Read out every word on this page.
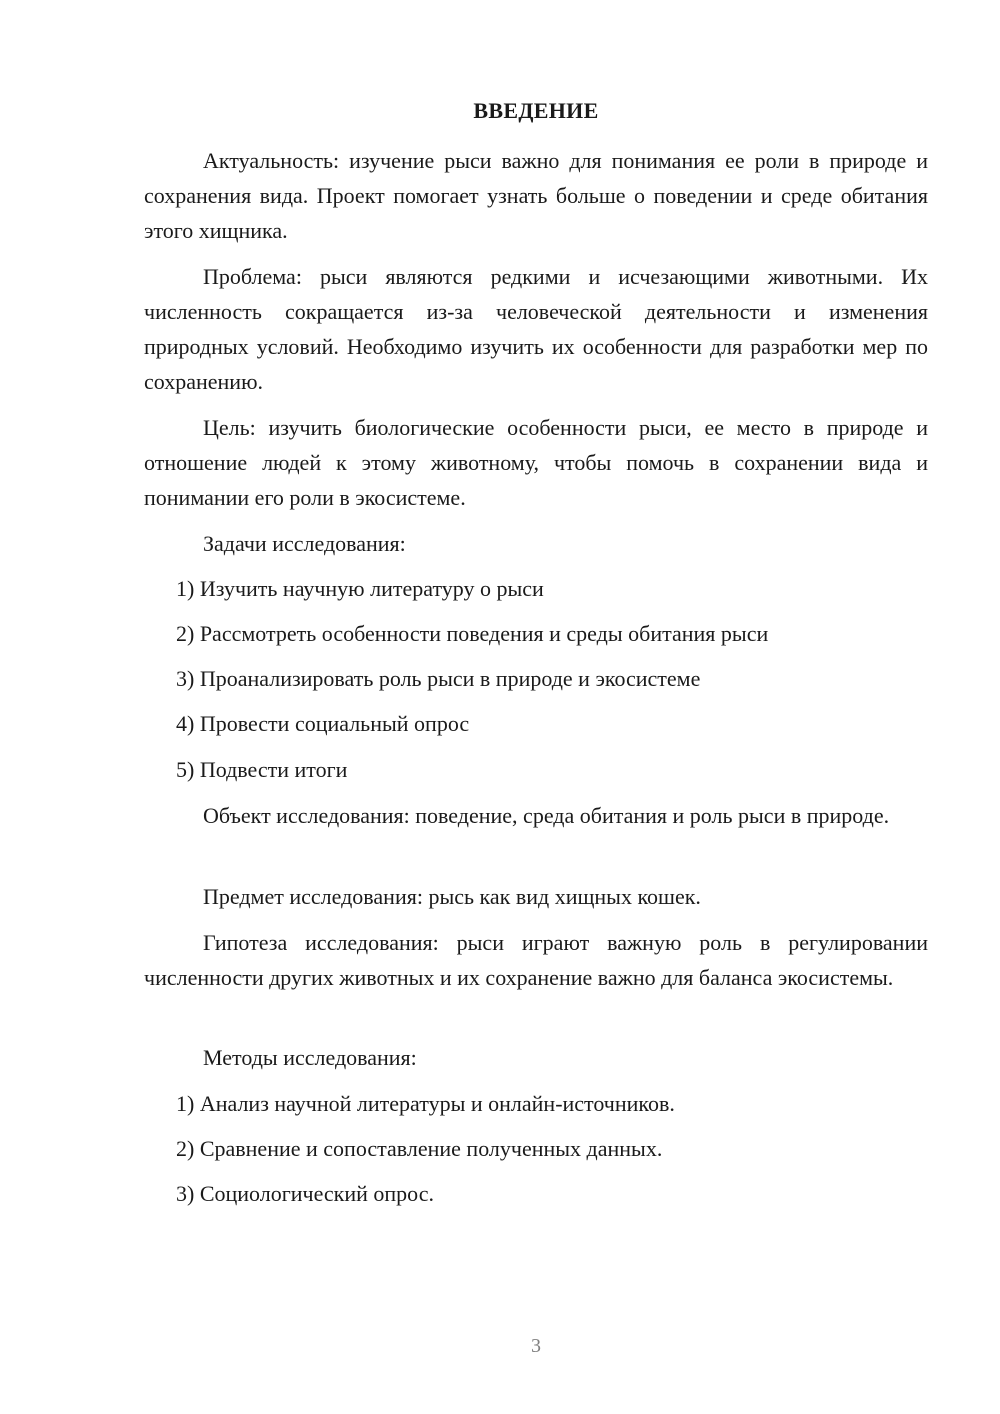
ВВЕДЕНИЕ

Актуальность: изучение рыси важно для понимания ее роли в природе и сохранения вида. Проект помогает узнать больше о поведении и среде обитания этого хищника.

Проблема: рыси являются редкими и исчезающими животными. Их численность сокращается из-за человеческой деятельности и изменения природных условий. Необходимо изучить их особенности для разработки мер по сохранению.

Цель: изучить биологические особенности рыси, ее место в природе и отношение людей к этому животному, чтобы помочь в сохранении вида и понимании его роли в экосистеме.

Задачи исследования:

1) Изучить научную литературу о рыси

2) Рассмотреть особенности поведения и среды обитания рыси

3) Проанализировать роль рыси в природе и экосистеме

4) Провести социальный опрос

5) Подвести итоги

Объект исследования: поведение, среда обитания и роль рыси в природе.

Предмет исследования: рысь как вид хищных кошек.

Гипотеза исследования: рыси играют важную роль в регулировании численности других животных и их сохранение важно для баланса экосистемы.

Методы исследования:

1) Анализ научной литературы и онлайн-источников.

2) Сравнение и сопоставление полученных данных.

3) Социологический опрос.

3
